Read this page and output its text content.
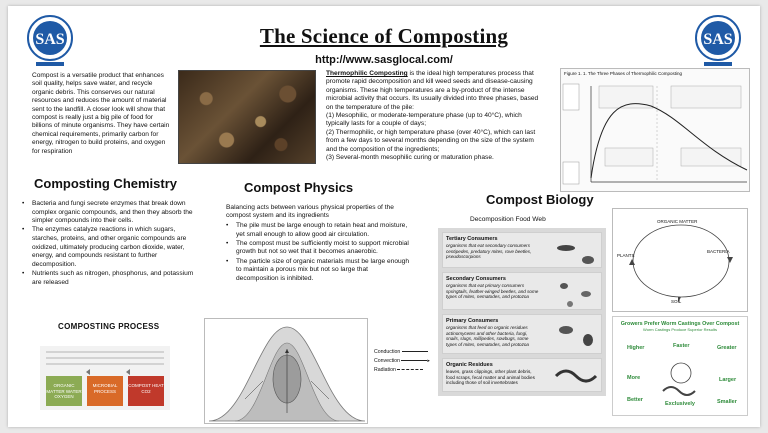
SAS	SAS
The Science of Composting
http://www.sasglocal.com/
Compost is a versatile product that enhances soil quality, helps save water, and recycle organic debris. This conserves our natural resources and reduces the amount of material sent to the landfill. A closer look will show that compost is really just a big pile of food for billions of minute organisms. They have certain chemical requirements, primarily carbon for energy, nitrogen to build proteins, and oxygen for respiration
Thermophilic Composting is the ideal high temperatures process that promote rapid decomposition and kill weed seeds and disease-causing organisms. These high temperatures are a by-product of the intense microbial activity that occurs. Its usually divided into three phases, based on the temperature of the pile:
(1) Mesophilic, or moderate-temperature phase (up to 40°C), which typically lasts for a couple of days;
(2) Thermophilic, or high temperature phase (over 40°C), which can last from a few days to several months depending on the size of the system and the composition of the ingredients;
(3) Several-month mesophilic curing or maturation phase.
Figure 1. 1. The Three Phases of Thermophilic Composting
Composting Chemistry
• Bacteria and fungi secrete enzymes that break down complex organic compounds, and then they absorb the simpler compounds into their cells.
• The enzymes catalyze reactions in which sugars, starches, proteins, and other organic compounds are oxidized, ultimately producing carbon dioxide, water, energy, and compounds resistant to further decomposition.
• Nutrients such as nitrogen, phosphorus, and potassium are released
COMPOSTING PROCESS
ORGANIC MATTER WATER OXYGEN
MICROBIAL PROCESS
COMPOST HEAT CO2
Compost Physics
Balancing acts between various physical properties of the compost system and its ingredients
• The pile must be large enough to retain heat and moisture, yet small enough to allow good air circulation.
• The compost must be sufficiently moist to support microbial growth but not so wet that it becomes anaerobic.
• The particle size of organic materials must be large enough to maintain a porous mix but not so large that decomposition is inhibited.
Conduction
Convection	▸
Radiation
Compost Biology
Decomposition Food Web
Tertiary Consumers
organisms that eat secondary consumers centipedes, predatory mites, rove beetles, pseudoscorpions
Secondary Consumers
organisms that eat primary consumers springtails, feather-winged beetles, and some types of mites, nematodes, and protozoa
Primary Consumers
organisms that feed on organic residues actinomycetes and other bacteria, fungi, snails, slugs, millipedes, sowbugs, some types of mites, nematodes, and protozoa
Organic Residues
leaves, grass clippings, other plant debris, food scraps, fecal matter and animal bodies including those of soil invertebrates
ORGANIC MATTER
BACTERIA
SOIL
PLANTS
Growers Prefer Worm Castings Over Compost
Worm Castings Produce Superior Results
Higher	Faster	Greater
More	Larger
Better
Exclusively	Smaller
